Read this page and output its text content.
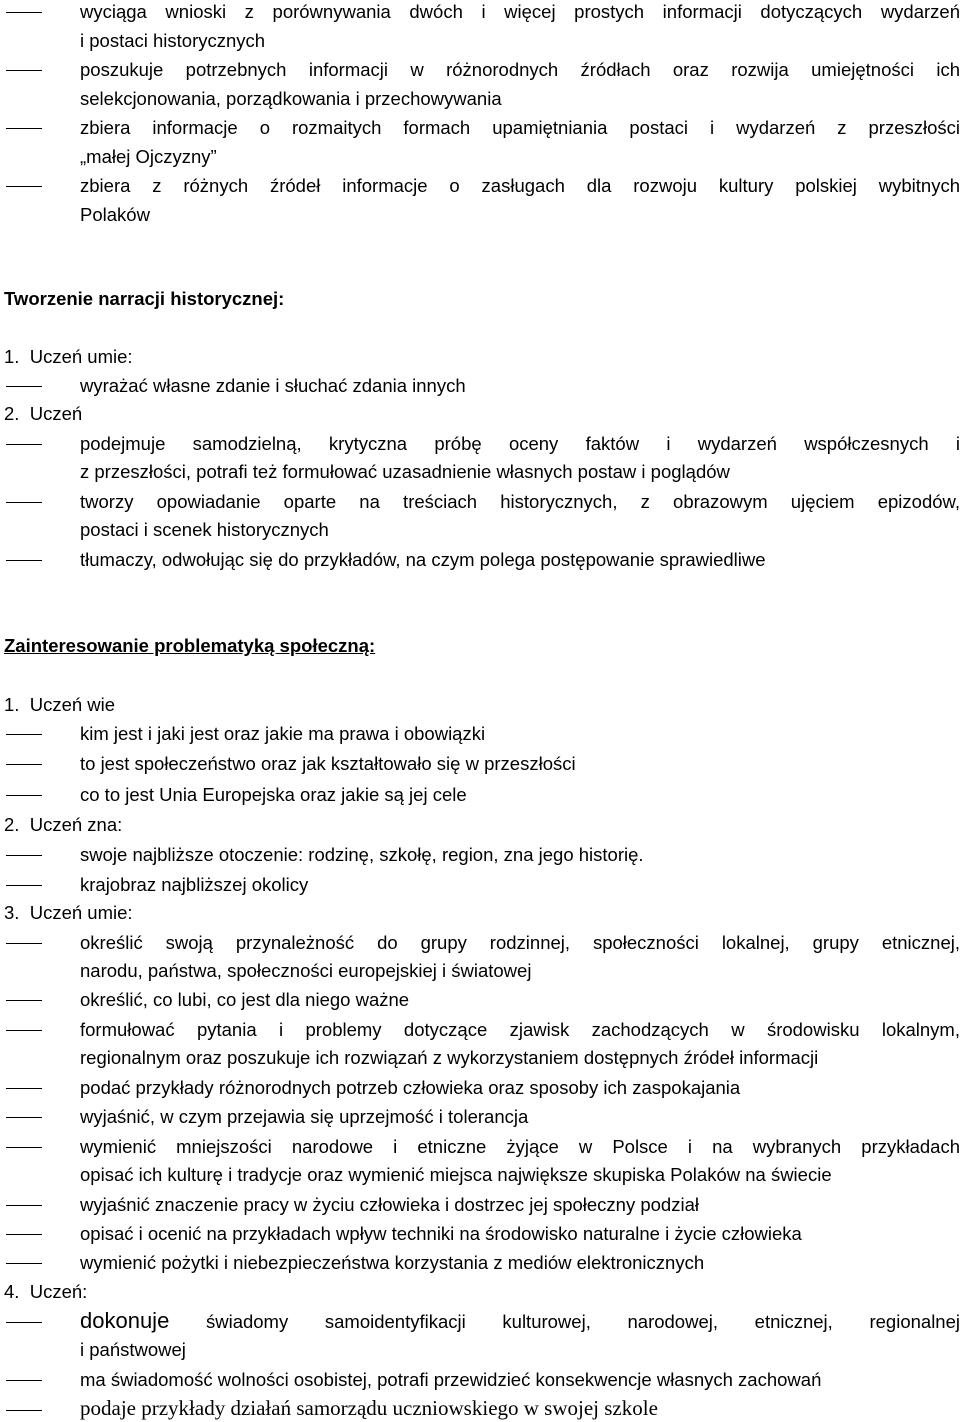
wyciąga wnioski z porównywania dwóch i więcej prostych informacji dotyczących wydarzeń
i postaci historycznych
poszukuje potrzebnych informacji w różnorodnych źródłach oraz rozwija umiejętności ich
selekcjonowania, porządkowania i przechowywania
zbiera informacje o rozmaitych formach upamiętniania postaci i wydarzeń z przeszłości
„małej Ojczyzny”
zbiera z różnych źródeł informacje o zasługach dla rozwoju kultury polskiej wybitnych
Polaków
Tworzenie narracji historycznej:
1. Uczeń umie:
wyrażać własne zdanie i słuchać zdania innych
2. Uczeń
podejmuje samodzielną, krytyczna próbę oceny faktów i wydarzeń współczesnych i
z przeszłości, potrafi też formułować uzasadnienie własnych postaw i poglądów
tworzy opowiadanie oparte na treściach historycznych, z obrazowym ujęciem epizodów,
postaci i scenek historycznych
tłumaczy, odwołując się do przykładów, na czym polega postępowanie sprawiedliwe
Zainteresowanie problematyką społeczną:
1. Uczeń wie
kim jest i jaki jest oraz jakie ma prawa i obowiązki
to jest społeczeństwo oraz jak kształtowało się w przeszłości
co to jest Unia Europejska oraz jakie są jej cele
2. Uczeń zna:
swoje najbliższe otoczenie: rodzinę, szkołę, region, zna jego historię.
krajobraz najbliższej okolicy
3. Uczeń umie:
określić swoją przynależność do grupy rodzinnej, społeczności lokalnej, grupy etnicznej,
narodu, państwa, społeczności europejskiej i światowej
określić, co lubi, co jest dla niego ważne
formułować pytania i problemy dotyczące zjawisk zachodzących w środowisku lokalnym,
regionalnym oraz poszukuje ich rozwiązań z wykorzystaniem dostępnych źródeł informacji
podać przykłady różnorodnych potrzeb człowieka oraz sposoby ich zaspokajania
wyjaśnić, w czym przejawia się uprzejmość i tolerancja
wymienić mniejszości narodowe i etniczne żyjące w Polsce i na wybranych przykładach
opisać ich kulturę i tradycje oraz wymienić miejsca największe skupiska Polaków na świecie
wyjaśnić znaczenie pracy w życiu człowieka i dostrzec jej społeczny podział
opisać i ocenić na przykładach wpływ techniki na środowisko naturalne i życie człowieka
wymienić pożytki i niebezpieczeństwa korzystania z mediów elektronicznych
4. Uczeń:
dokonuje świadomy samoidentyfikacji kulturowej, narodowej, etnicznej, regionalnej
i państwowej
ma świadomość wolności osobistej, potrafi przewidzieć konsekwencje własnych zachowań
podaje przykłady działań samorządu uczniowskiego w swojej szkole
